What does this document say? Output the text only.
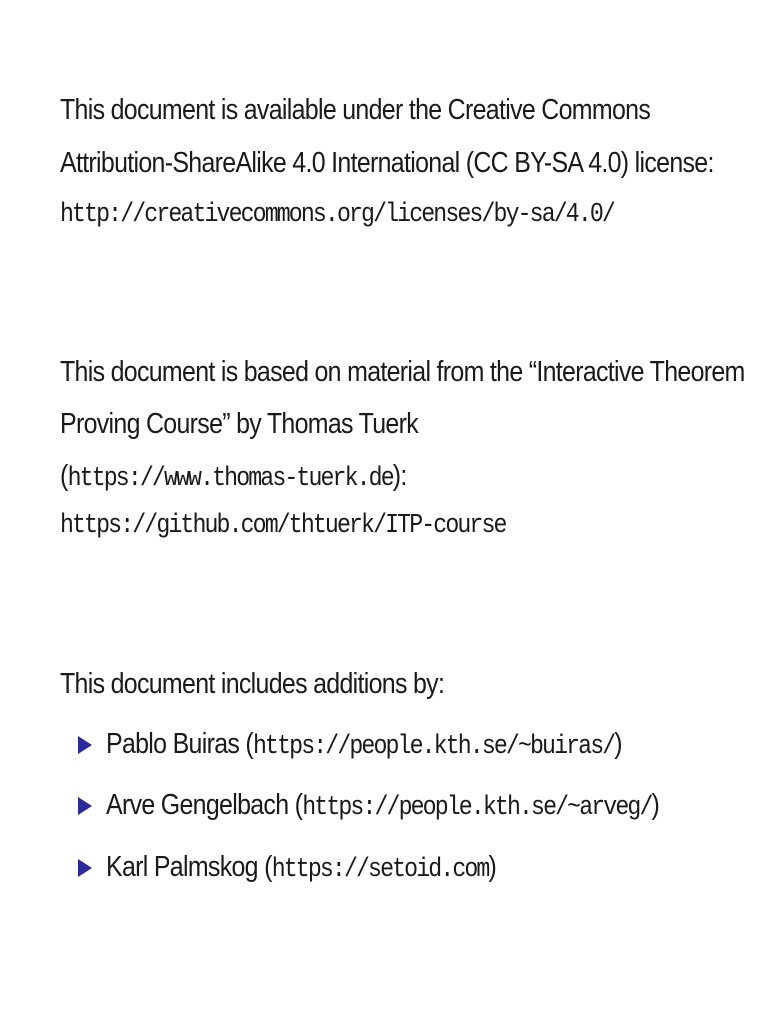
This document is available under the Creative Commons
Attribution-ShareAlike 4.0 International (CC BY-SA 4.0) license:
http://creativecommons.org/licenses/by-sa/4.0/
This document is based on material from the “Interactive Theorem
Proving Course” by Thomas Tuerk
(https://www.thomas-tuerk.de):
https://github.com/thtuerk/ITP-course
This document includes additions by:
Pablo Buiras (https://people.kth.se/~buiras/)
Arve Gengelbach (https://people.kth.se/~arveg/)
Karl Palmskog (https://setoid.com)
